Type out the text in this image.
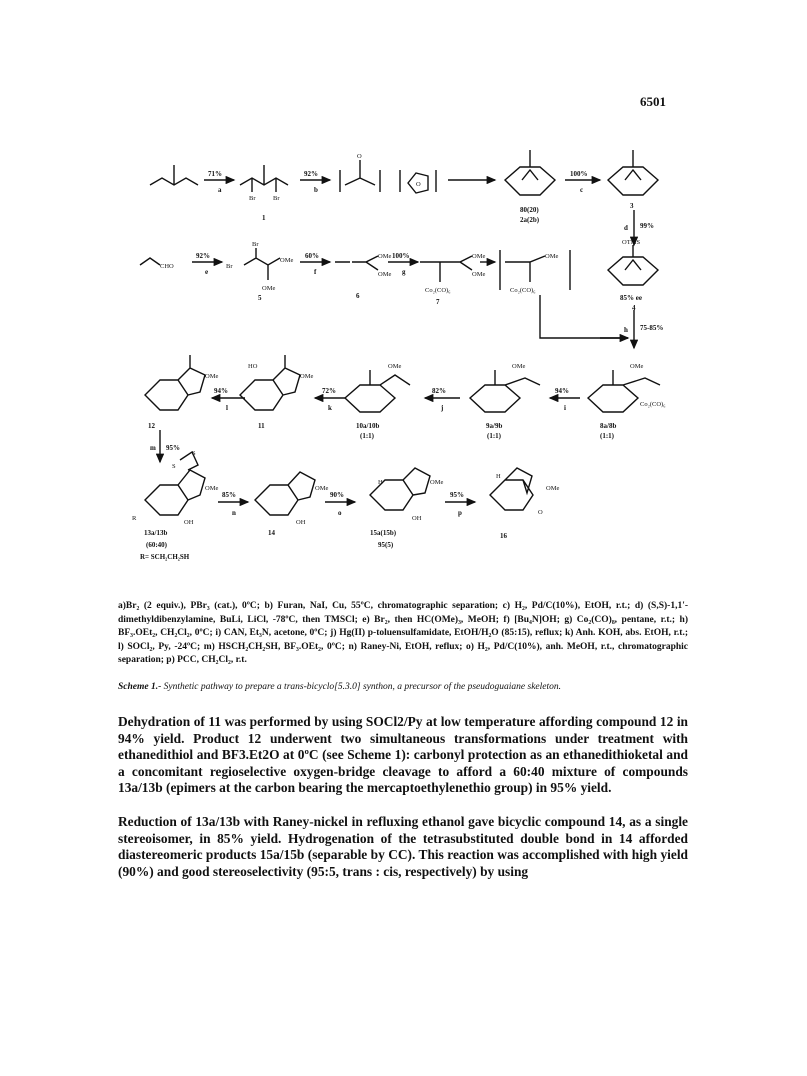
6501
71%	92%	100%
99%
92%	60%	100%
75-85%
94%	72%	82%	94%
95%
85%	90%	95%
a	b	c
d
e	f	g
h
i
j
k
l
m
n	o	p
1
80(20)
2a(2b)
3
5	6
7	85% ee
4
12	11	10a/10b
(1:1)
9a/9b
(1:1)
8a/8b
(1:1)
13a/13b
(60:40)
R= SCH₂CH₂SH
14	15a(15b)
95(5)
16
Br	Br
O
O
CHO	Br
Br
OMe
OMe
OMe
OMe
OMe
OMe
Co₂(CO)₆
OMe
Co₂(CO)₆
OTMS
OMe
HO
OMe
OMe	OMe	OMe
Co₂(CO)₆
S
S
OMe
OH
R
OMe
OH
H	OMe
OH
H
OMe
O
a)Br₂ (2 equiv.), PBr₃ (cat.), 0ºC; b) Furan, NaI, Cu, 55ºC, chromatographic separation; c) H₂, Pd/C(10%), EtOH, r.t.; d) (S,S)-1,1'-dimethyldibenzylamine, BuLi, LiCl, -78ºC, then TMSCl; e) Br₂, then HC(OMe)₃, MeOH; f) [Bu₄N]OH; g) Co₂(CO)₈, pentane, r.t.; h) BF₃.OEt₂, CH₂Cl₂, 0ºC; i) CAN, Et₃N, acetone, 0ºC; j) Hg(II) p-toluensulfamidate, EtOH/H₂O (85:15), reflux; k) Anh. KOH, abs. EtOH, r.t.; l) SOCl₂, Py, -24ºC; m) HSCH₂CH₂SH, BF₃.OEt₂, 0ºC; n) Raney-Ni, EtOH, reflux; o) H₂, Pd/C(10%), anh. MeOH, r.t., chromatographic separation; p) PCC, CH₂Cl₂, r.t.
Scheme 1.- Synthetic pathway to prepare a trans-bicyclo[5.3.0] synthon, a precursor of the pseudoguaiane skeleton.
Dehydration of 11 was performed by using SOCl2/Py at low temperature affording compound 12 in 94% yield. Product 12 underwent two simultaneous transformations under treatment with ethanedithiol and BF3.Et2O at 0ºC (see Scheme 1): carbonyl protection as an ethanedithioketal and a concomitant regioselective oxygen-bridge cleavage to afford a 60:40 mixture of compounds 13a/13b (epimers at the carbon bearing the mercaptoethylenethio group) in 95% yield.
Reduction of 13a/13b with Raney-nickel in refluxing ethanol gave bicyclic compound 14, as a single stereoisomer, in 85% yield. Hydrogenation of the tetrasubstituted double bond in 14 afforded diastereomeric products 15a/15b (separable by CC). This reaction was accomplished with high yield (90%) and good stereoselectivity (95:5, trans : cis, respectively) by using
